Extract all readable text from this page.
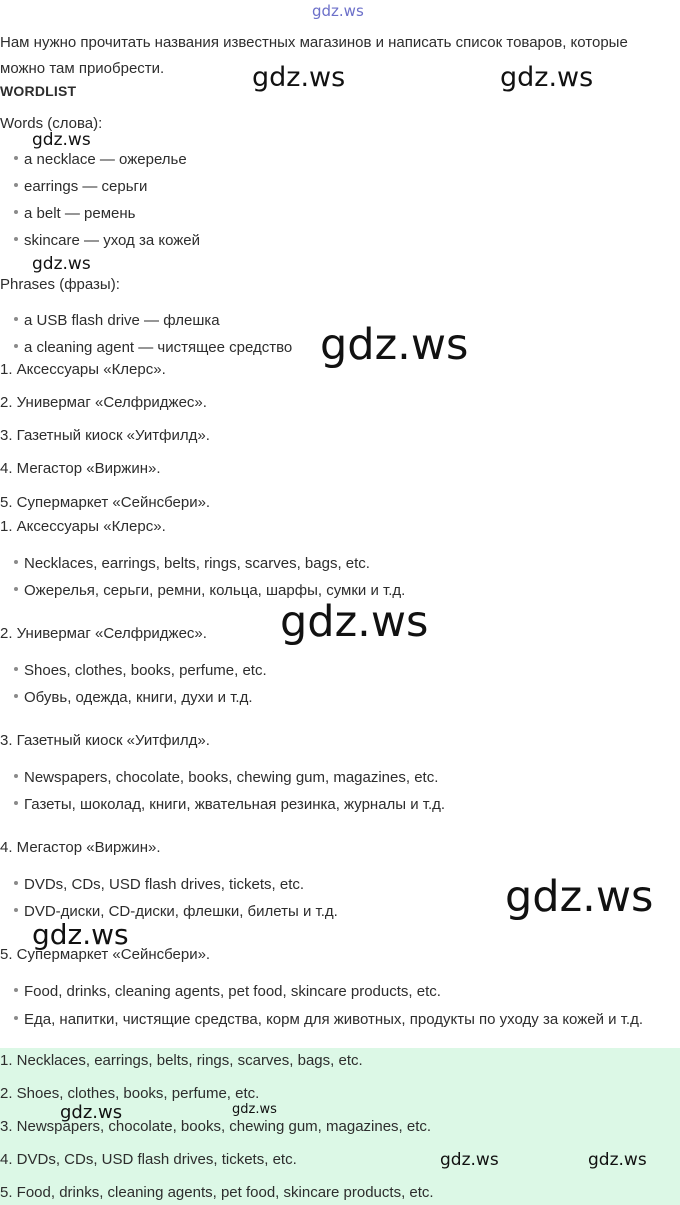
gdz.ws
Нам нужно прочитать названия известных магазинов и написать список товаров, которые можно там приобрести.
WORDLIST
Words (слова):
a necklace — ожерелье
earrings — серьги
a belt — ремень
skincare — уход за кожей
Phrases (фразы):
a USB flash drive — флешка
a cleaning agent — чистящее средство
1. Аксессуары «Клерс».
2. Универмаг «Селфриджес».
3. Газетный киоск «Уитфилд».
4. Мегастор «Виржин».
5. Супермаркет «Сейнсбери».
1. Аксессуары «Клерс».
Necklaces, earrings, belts, rings, scarves, bags, etc.
Ожерелья, серьги, ремни, кольца, шарфы, сумки и т.д.
2. Универмаг «Селфриджес».
Shoes, clothes, books, perfume, etc.
Обувь, одежда, книги, духи и т.д.
3. Газетный киоск «Уитфилд».
Newspapers, chocolate, books, chewing gum, magazines, etc.
Газеты, шоколад, книги, жвательная резинка, журналы и т.д.
4. Мегастор «Виржин».
DVDs, CDs, USD flash drives, tickets, etc.
DVD-диски, CD-диски, флешки, билеты и т.д.
5. Супермаркет «Сейнсбери».
Food, drinks, cleaning agents, pet food, skincare products, etc.
Еда, напитки, чистящие средства, корм для животных, продукты по уходу за кожей и т.д.
1. Necklaces, earrings, belts, rings, scarves, bags, etc.
2. Shoes, clothes, books, perfume, etc.
3. Newspapers, chocolate, books, chewing gum, magazines, etc.
4. DVDs, CDs, USD flash drives, tickets, etc.
5. Food, drinks, cleaning agents, pet food, skincare products, etc.
gdz.ws	gdz.ws
gdz.ws
gdz.ws
gdz.ws
gdz.ws
gdz.ws
gdz.ws
gdz.ws	gdz.ws
gdz.ws	gdz.ws
